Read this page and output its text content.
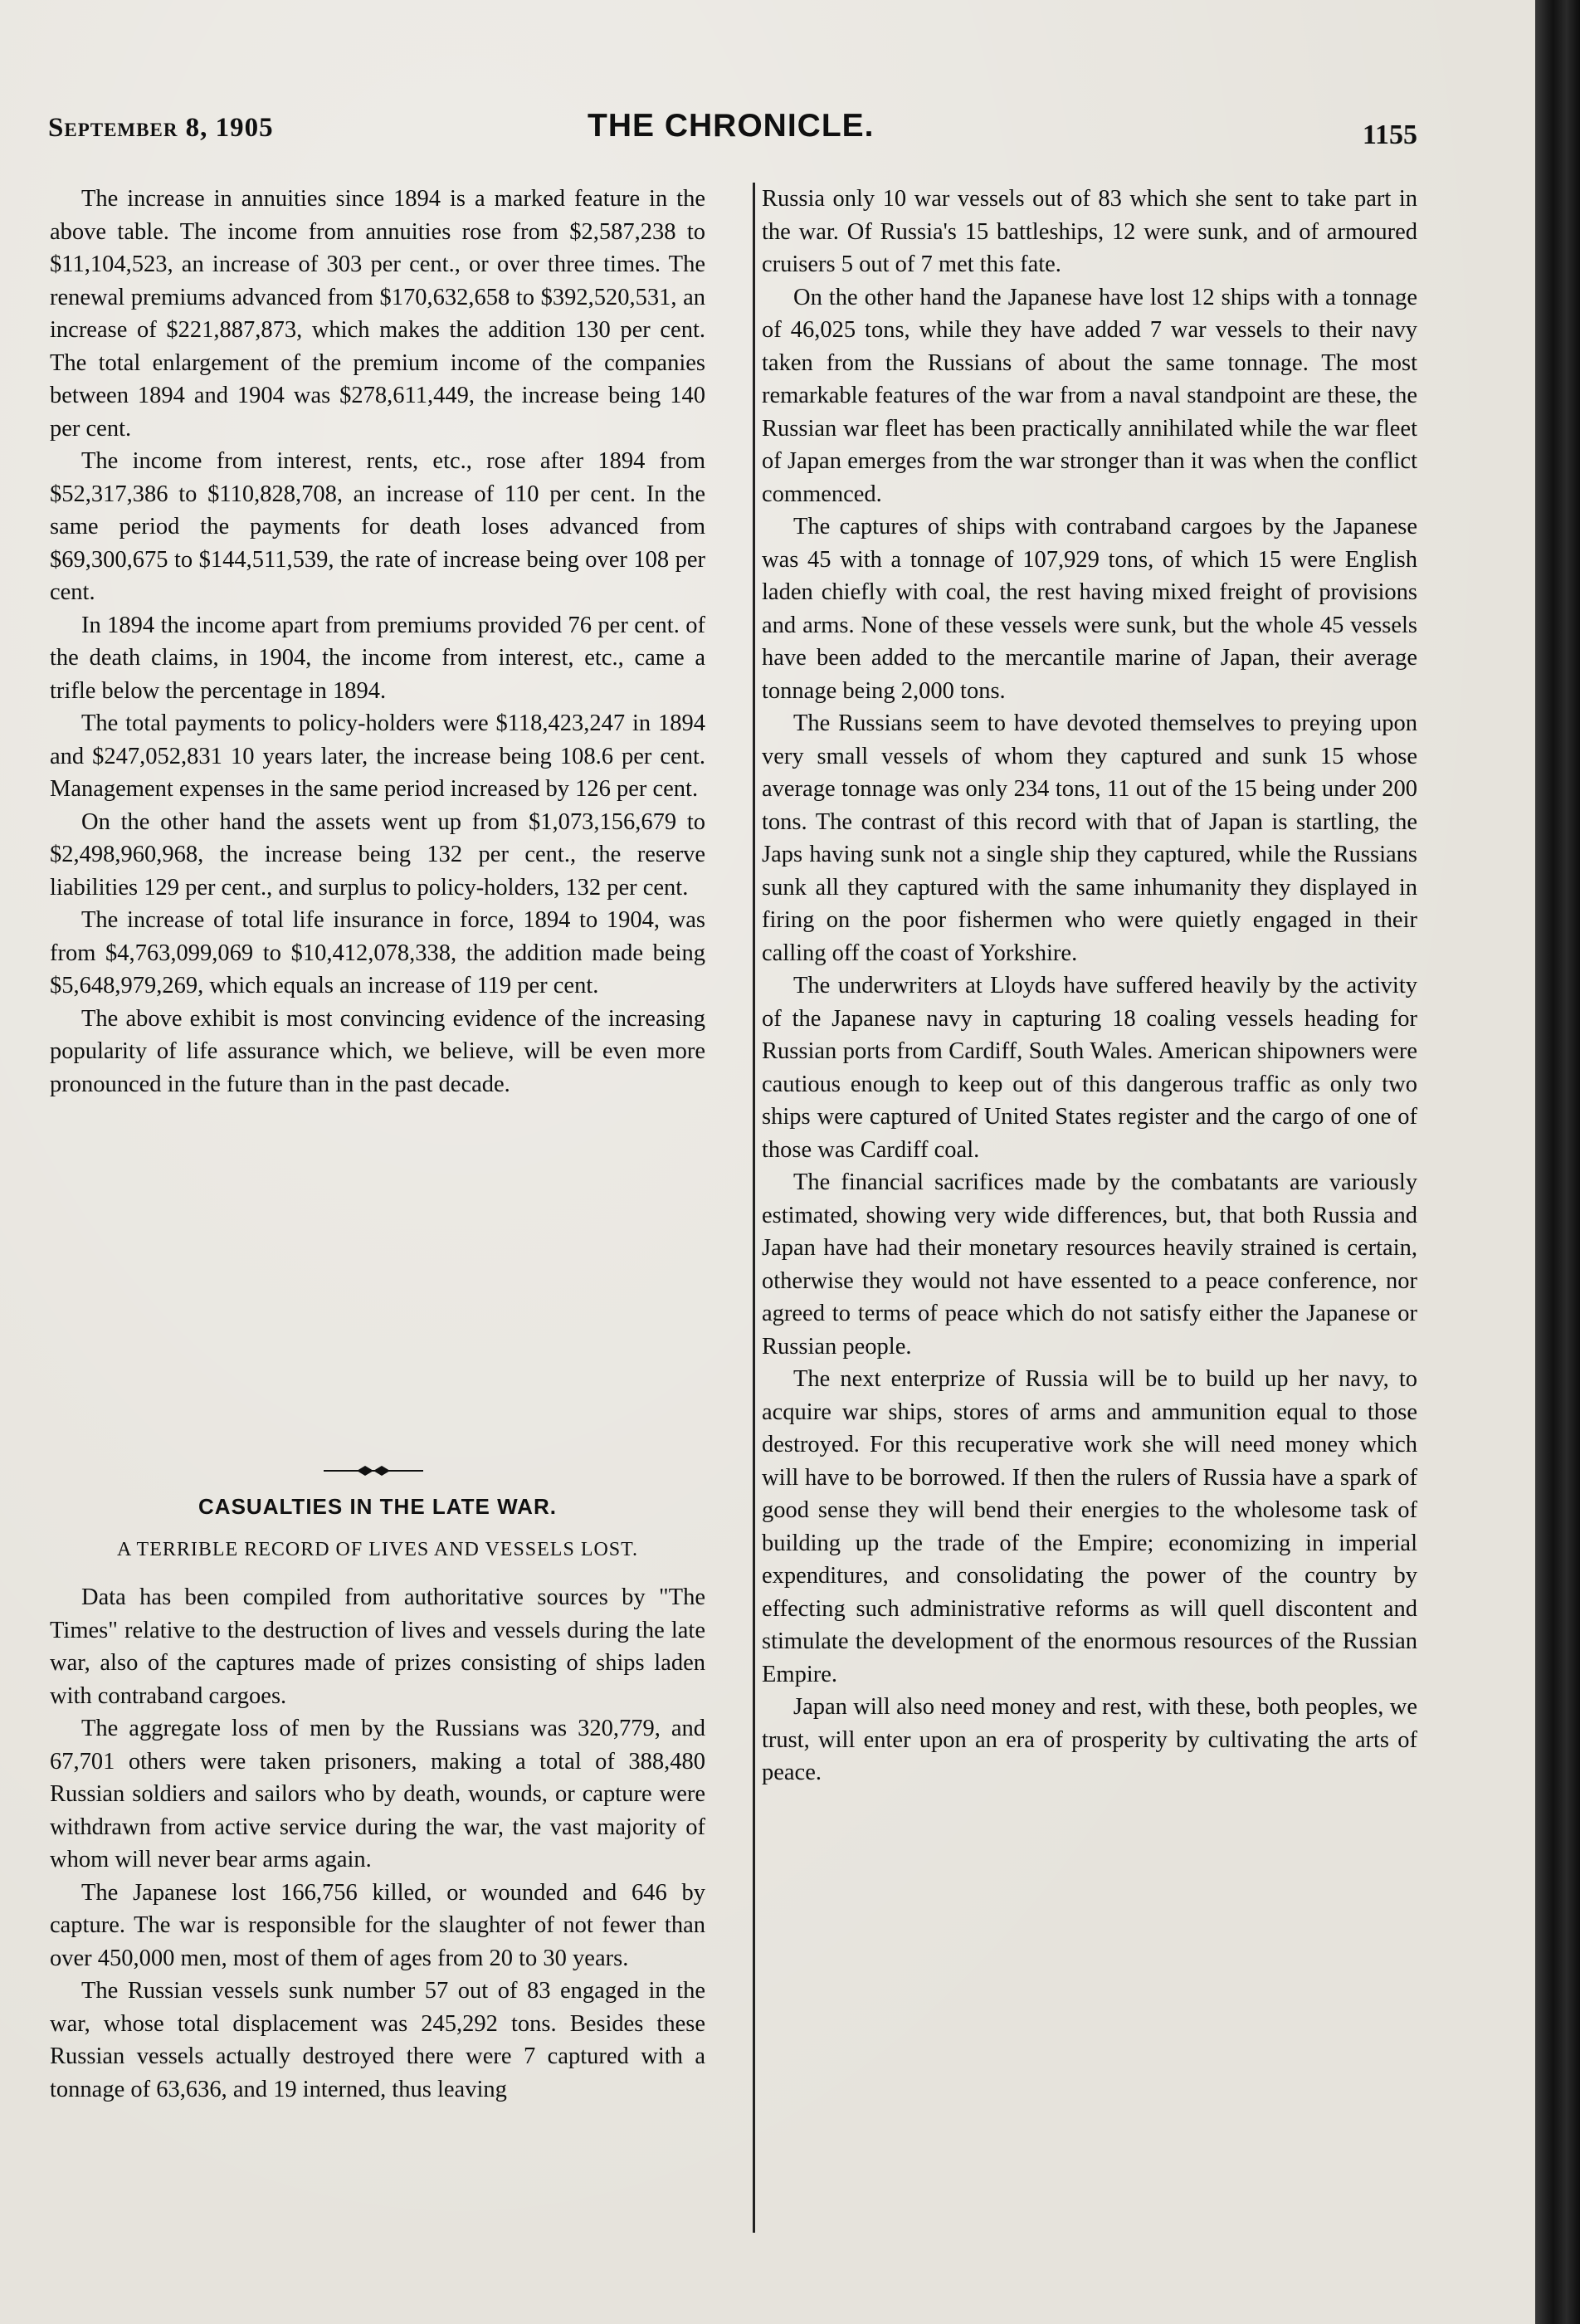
September 8, 1905	THE CHRONICLE.	1155

The increase in annuities since 1894 is a marked feature in the above table. The income from annuities rose from $2,587,238 to $11,104,523, an increase of 303 per cent., or over three times. The renewal premiums advanced from $170,632,658 to $392,520,531, an increase of $221,887,873, which makes the addition 130 per cent. The total enlargement of the premium income of the companies between 1894 and 1904 was $278,611,449, the increase being 140 per cent.

The income from interest, rents, etc., rose after 1894 from $52,317,386 to $110,828,708, an increase of 110 per cent. In the same period the payments for death loses advanced from $69,300,675 to $144,511,539, the rate of increase being over 108 per cent.

In 1894 the income apart from premiums provided 76 per cent. of the death claims, in 1904, the income from interest, etc., came a trifle below the percentage in 1894.

The total payments to policy-holders were $118,423,247 in 1894 and $247,052,831 10 years later, the increase being 108.6 per cent. Management expenses in the same period increased by 126 per cent.

On the other hand the assets went up from $1,073,156,679 to $2,498,960,968, the increase being 132 per cent., the reserve liabilities 129 per cent., and surplus to policy-holders, 132 per cent.

The increase of total life insurance in force, 1894 to 1904, was from $4,763,099,069 to $10,412,078,338, the addition made being $5,648,979,269, which equals an increase of 119 per cent.

The above exhibit is most convincing evidence of the increasing popularity of life assurance which, we believe, will be even more pronounced in the future than in the past decade.

CASUALTIES IN THE LATE WAR.
A TERRIBLE RECORD OF LIVES AND VESSELS LOST.

Data has been compiled from authoritative sources by "The Times" relative to the destruction of lives and vessels during the late war, also of the captures made of prizes consisting of ships laden with contraband cargoes.

The aggregate loss of men by the Russians was 320,779, and 67,701 others were taken prisoners, making a total of 388,480 Russian soldiers and sailors who by death, wounds, or capture were withdrawn from active service during the war, the vast majority of whom will never bear arms again.

The Japanese lost 166,756 killed, or wounded and 646 by capture. The war is responsible for the slaughter of not fewer than over 450,000 men, most of them of ages from 20 to 30 years.

The Russian vessels sunk number 57 out of 83 engaged in the war, whose total displacement was 245,292 tons. Besides these Russian vessels actually destroyed there were 7 captured with a tonnage of 63,636, and 19 interned, thus leaving

Russia only 10 war vessels out of 83 which she sent to take part in the war. Of Russia's 15 battleships, 12 were sunk, and of armoured cruisers 5 out of 7 met this fate.

On the other hand the Japanese have lost 12 ships with a tonnage of 46,025 tons, while they have added 7 war vessels to their navy taken from the Russians of about the same tonnage. The most remarkable features of the war from a naval standpoint are these, the Russian war fleet has been practically annihilated while the war fleet of Japan emerges from the war stronger than it was when the conflict commenced.

The captures of ships with contraband cargoes by the Japanese was 45 with a tonnage of 107,929 tons, of which 15 were English laden chiefly with coal, the rest having mixed freight of provisions and arms. None of these vessels were sunk, but the whole 45 vessels have been added to the mercantile marine of Japan, their average tonnage being 2,000 tons.

The Russians seem to have devoted themselves to preying upon very small vessels of whom they captured and sunk 15 whose average tonnage was only 234 tons, 11 out of the 15 being under 200 tons. The contrast of this record with that of Japan is startling, the Japs having sunk not a single ship they captured, while the Russians sunk all they captured with the same inhumanity they displayed in firing on the poor fishermen who were quietly engaged in their calling off the coast of Yorkshire.

The underwriters at Lloyds have suffered heavily by the activity of the Japanese navy in capturing 18 coaling vessels heading for Russian ports from Cardiff, South Wales. American shipowners were cautious enough to keep out of this dangerous traffic as only two ships were captured of United States register and the cargo of one of those was Cardiff coal.

The financial sacrifices made by the combatants are variously estimated, showing very wide differences, but, that both Russia and Japan have had their monetary resources heavily strained is certain, otherwise they would not have essented to a peace conference, nor agreed to terms of peace which do not satisfy either the Japanese or Russian people.

The next enterprize of Russia will be to build up her navy, to acquire war ships, stores of arms and ammunition equal to those destroyed. For this recuperative work she will need money which will have to be borrowed. If then the rulers of Russia have a spark of good sense they will bend their energies to the wholesome task of building up the trade of the Empire; economizing in imperial expenditures, and consolidating the power of the country by effecting such administrative reforms as will quell discontent and stimulate the development of the enormous resources of the Russian Empire.

Japan will also need money and rest, with these, both peoples, we trust, will enter upon an era of prosperity by cultivating the arts of peace.
